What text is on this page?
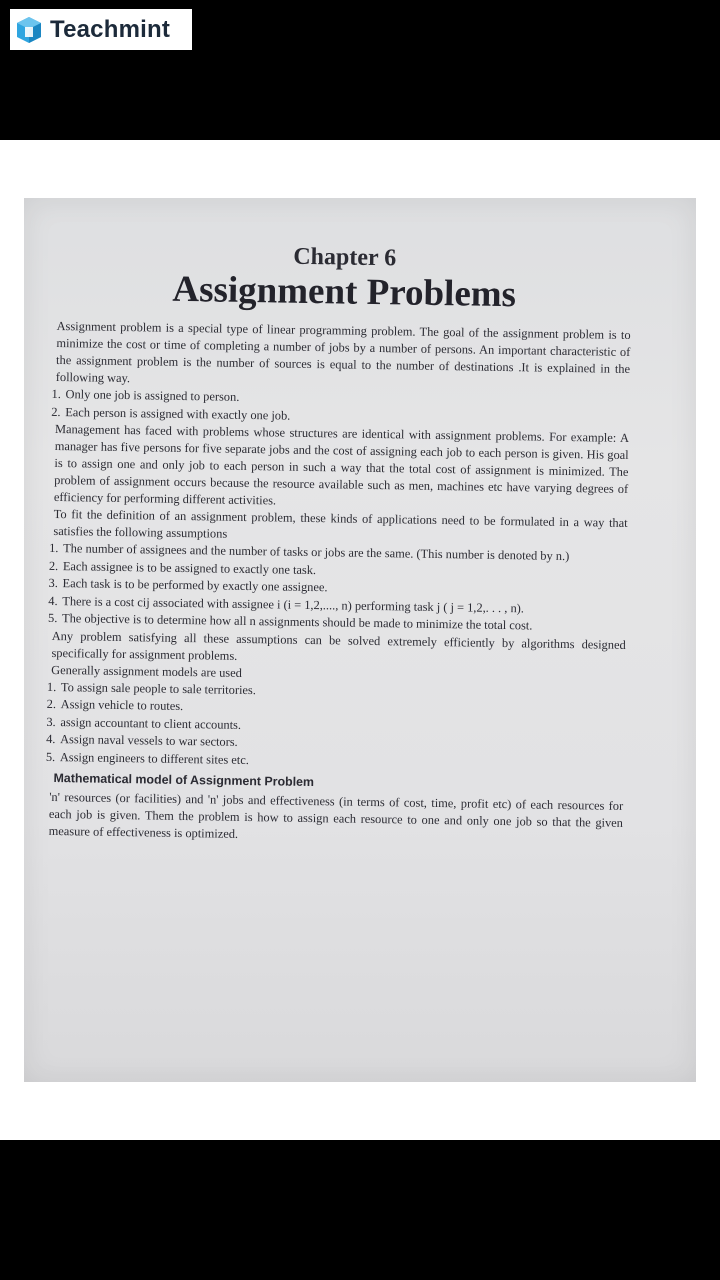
Teachmint

Chapter 6

Assignment Problems

Assignment problem is a special type of linear programming problem. The goal of the assignment problem is to minimize the cost or time of completing a number of jobs by a number of persons. An important characteristic of the assignment problem is the number of sources is equal to the number of destinations .It is explained in the following way.

1. Only one job is assigned to person.
2. Each person is assigned with exactly one job.

Management has faced with problems whose structures are identical with assignment problems. For example: A manager has five persons for five separate jobs and the cost of assigning each job to each person is given. His goal is to assign one and only job to each person in such a way that the total cost of assignment is minimized. The problem of assignment occurs because the resource available such as men, machines etc have varying degrees of efficiency for performing different activities.

To fit the definition of an assignment problem, these kinds of applications need to be formulated in a way that satisfies the following assumptions

1. The number of assignees and the number of tasks or jobs are the same. (This number is denoted by n.)
2. Each assignee is to be assigned to exactly one task.
3. Each task is to be performed by exactly one assignee.
4. There is a cost cij associated with assignee i (i = 1,2,...., n) performing task j ( j = 1,2,. . . , n).
5. The objective is to determine how all n assignments should be made to minimize the total cost.

Any problem satisfying all these assumptions can be solved extremely efficiently by algorithms designed specifically for assignment problems.

Generally assignment models are used

1. To assign sale people to sale territories.
2. Assign vehicle to routes.
3. assign accountant to client accounts.
4. Assign naval vessels to war sectors.
5. Assign engineers to different sites etc.

Mathematical model of Assignment Problem

'n' resources (or facilities) and 'n' jobs and effectiveness (in terms of cost, time, profit etc) of each resources for each job is given. Them the problem is how to assign each resource to one and only one job so that the given measure of effectiveness is optimized.
